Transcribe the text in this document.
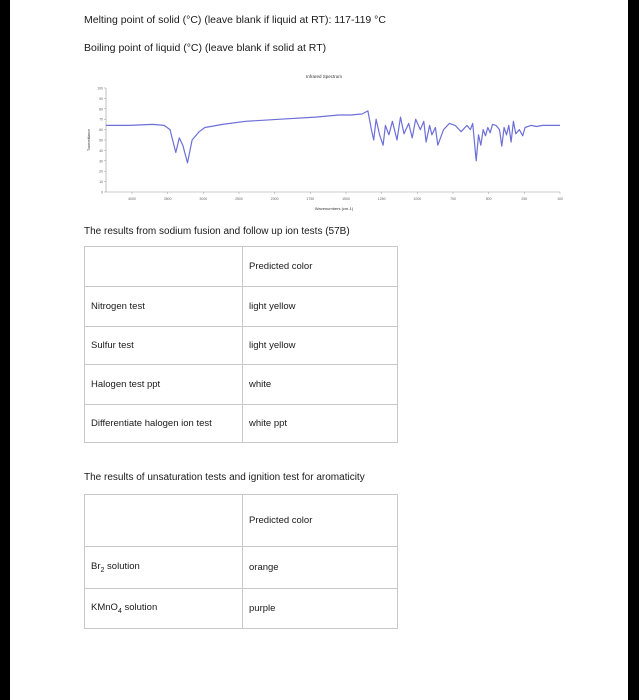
Melting point of solid (°C) (leave blank if liquid at RT): 117-119 °C
Boiling point of liquid (°C) (leave blank if solid at RT)
Infrared Spectrum
100
90
80
70
60
50
40
30
20
10
0
4000	3500	3000	2500	2000	1750	1500	1250	1000	750	500	250	100
Wavenumbers (cm-1)
Transmittance
The results from sodium fusion and follow up ion tests (57B)
	Predicted color
Nitrogen test	light yellow
Sulfur test	light yellow
Halogen test ppt	white
Differentiate halogen ion test	white ppt
The results of unsaturation tests and ignition test for aromaticity
	Predicted color
$Br_2$ solution	orange
KMnO$_4$ solution	purple
